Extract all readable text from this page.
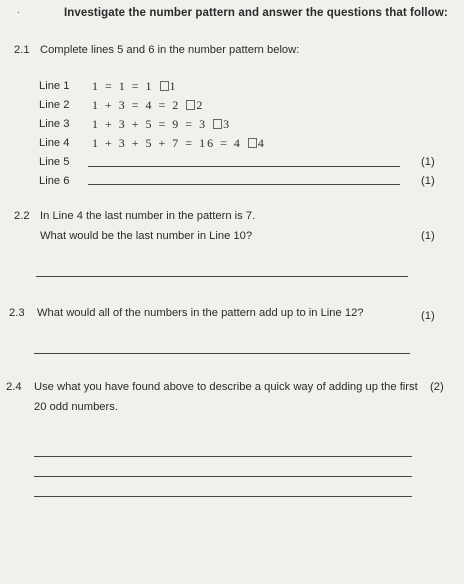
.	Investigate the number pattern and answer the questions that follow:
2.1 Complete lines 5 and 6 in the number pattern below:
Line 1 1 = 1 = 1 1
Line 2 1 + 3 = 4 = 2 2
Line 3 1 + 3 + 5 = 9 = 3 3
Line 4 1 + 3 + 5 + 7 = 16 = 4 4
Line 5	(1)
Line 6	(1)
2.2 In Line 4 the last number in the pattern is 7.
What would be the last number in Line 10?	(1)
2.3 What would all of the numbers in the pattern add up to in Line 12?	(1)
2.4 Use what you have found above to describe a quick way of adding up the first
20 odd numbers.
(2)
